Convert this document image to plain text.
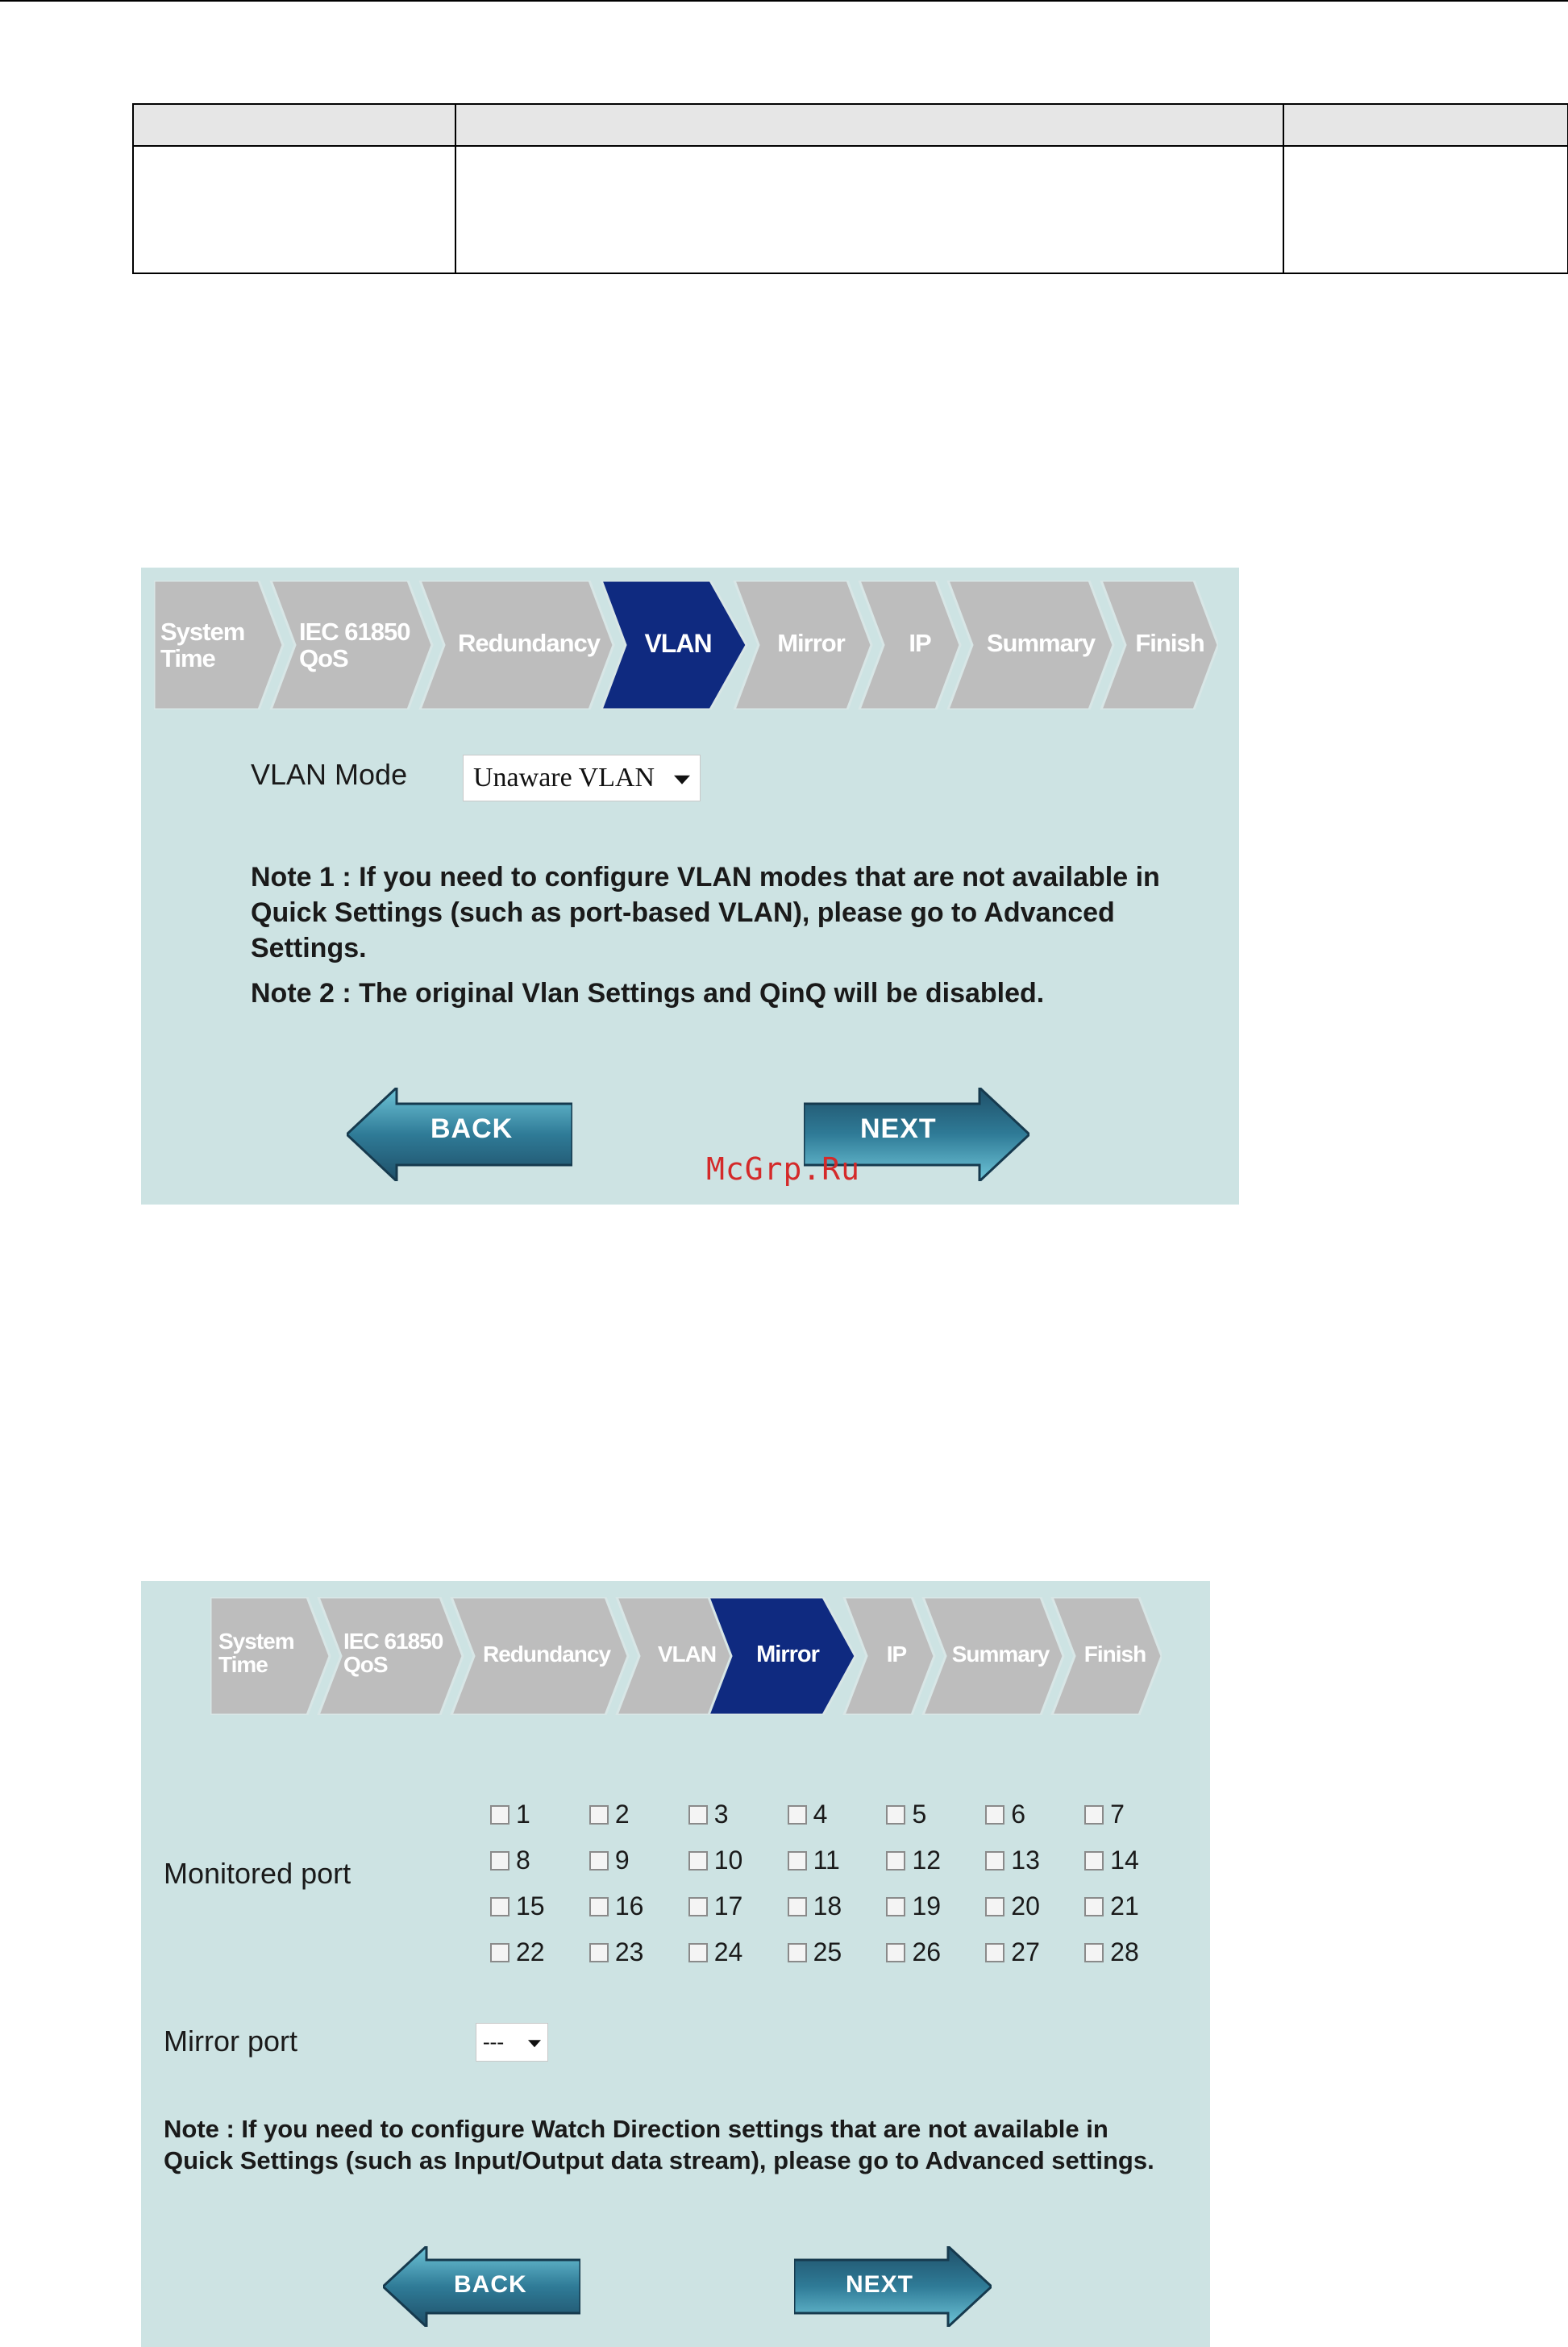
System
Time
IEC 61850
QoS
Redundancy	VLAN	Mirror	IP	Summary	Finish
VLAN Mode Unaware VLAN
Note 1 : If you need to configure VLAN modes that are not available in
Quick Settings (such as port-based VLAN), please go to Advanced
Settings.
Note 2 : The original Vlan Settings and QinQ will be disabled.
BACK	NEXT
McGrp.Ru
System
Time
IEC 61850
QoS	Redundancy	VLAN	Mirror	IP	Summary	Finish
Monitored port
Mirror port	---
Note : If you need to configure Watch Direction settings that are not available in
Quick Settings (such as Input/Output data stream), please go to Advanced settings.
BACK	NEXT
1	2	3	4	5	6	7
8	9	10	11	12	13	14
15	16	17	18	19	20	21
22	23	24	25	26	27	28
